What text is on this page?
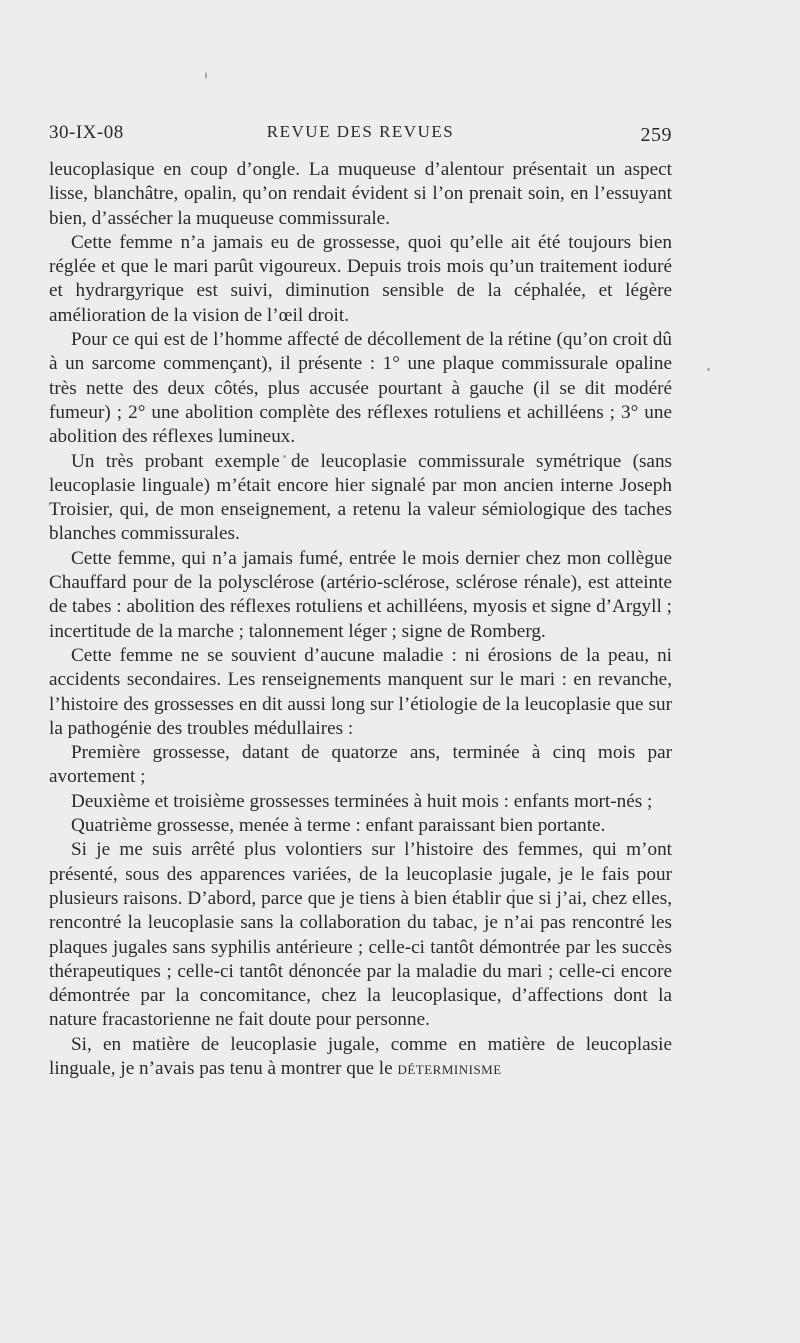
30-IX-08	REVUE DES REVUES	259

leucoplasique en coup d’ongle. La muqueuse d’alentour présentait un aspect lisse, blanchâtre, opalin, qu’on rendait évident si l’on prenait soin, en l’essuyant bien, d’assécher la muqueuse commissurale.

Cette femme n’a jamais eu de grossesse, quoi qu’elle ait été toujours bien réglée et que le mari parût vigoureux. Depuis trois mois qu’un traitement ioduré et hydrargyrique est suivi, diminution sensible de la céphalée, et légère amélioration de la vision de l’œil droit.

Pour ce qui est de l’homme affecté de décollement de la rétine (qu’on croit dû à un sarcome commençant), il présente : 1° une plaque commissurale opaline très nette des deux côtés, plus accusée pourtant à gauche (il se dit modéré fumeur) ; 2° une abolition complète des réflexes rotuliens et achilléens ; 3° une abolition des réflexes lumineux.

Un très probant exemple de leucoplasie commissurale symétrique (sans leucoplasie linguale) m’était encore hier signalé par mon ancien interne Joseph Troisier, qui, de mon enseignement, a retenu la valeur sémiologique des taches blanches commissurales.

Cette femme, qui n’a jamais fumé, entrée le mois dernier chez mon collègue Chauffard pour de la polysclérose (artério-sclérose, sclérose rénale), est atteinte de tabes : abolition des réflexes rotuliens et achilléens, myosis et signe d’Argyll ; incertitude de la marche ; talonnement léger ; signe de Romberg.

Cette femme ne se souvient d’aucune maladie : ni érosions de la peau, ni accidents secondaires. Les renseignements manquent sur le mari : en revanche, l’histoire des grossesses en dit aussi long sur l’étiologie de la leucoplasie que sur la pathogénie des troubles médullaires :

Première grossesse, datant de quatorze ans, terminée à cinq mois par avortement ;

Deuxième et troisième grossesses terminées à huit mois : enfants mort-nés ;

Quatrième grossesse, menée à terme : enfant paraissant bien portante.

Si je me suis arrêté plus volontiers sur l’histoire des femmes, qui m’ont présenté, sous des apparences variées, de la leucoplasie jugale, je le fais pour plusieurs raisons. D’abord, parce que je tiens à bien établir que si j’ai, chez elles, rencontré la leucoplasie sans la collaboration du tabac, je n’ai pas rencontré les plaques jugales sans syphilis antérieure ; celle-ci tantôt démontrée par les succès thérapeutiques ; celle-ci tantôt dénoncée par la maladie du mari ; celle-ci encore démontrée par la concomitance, chez la leucoplasique, d’affections dont la nature fracastorienne ne fait doute pour personne.

Si, en matière de leucoplasie jugale, comme en matière de leucoplasie linguale, je n’avais pas tenu à montrer que le déterminisme
